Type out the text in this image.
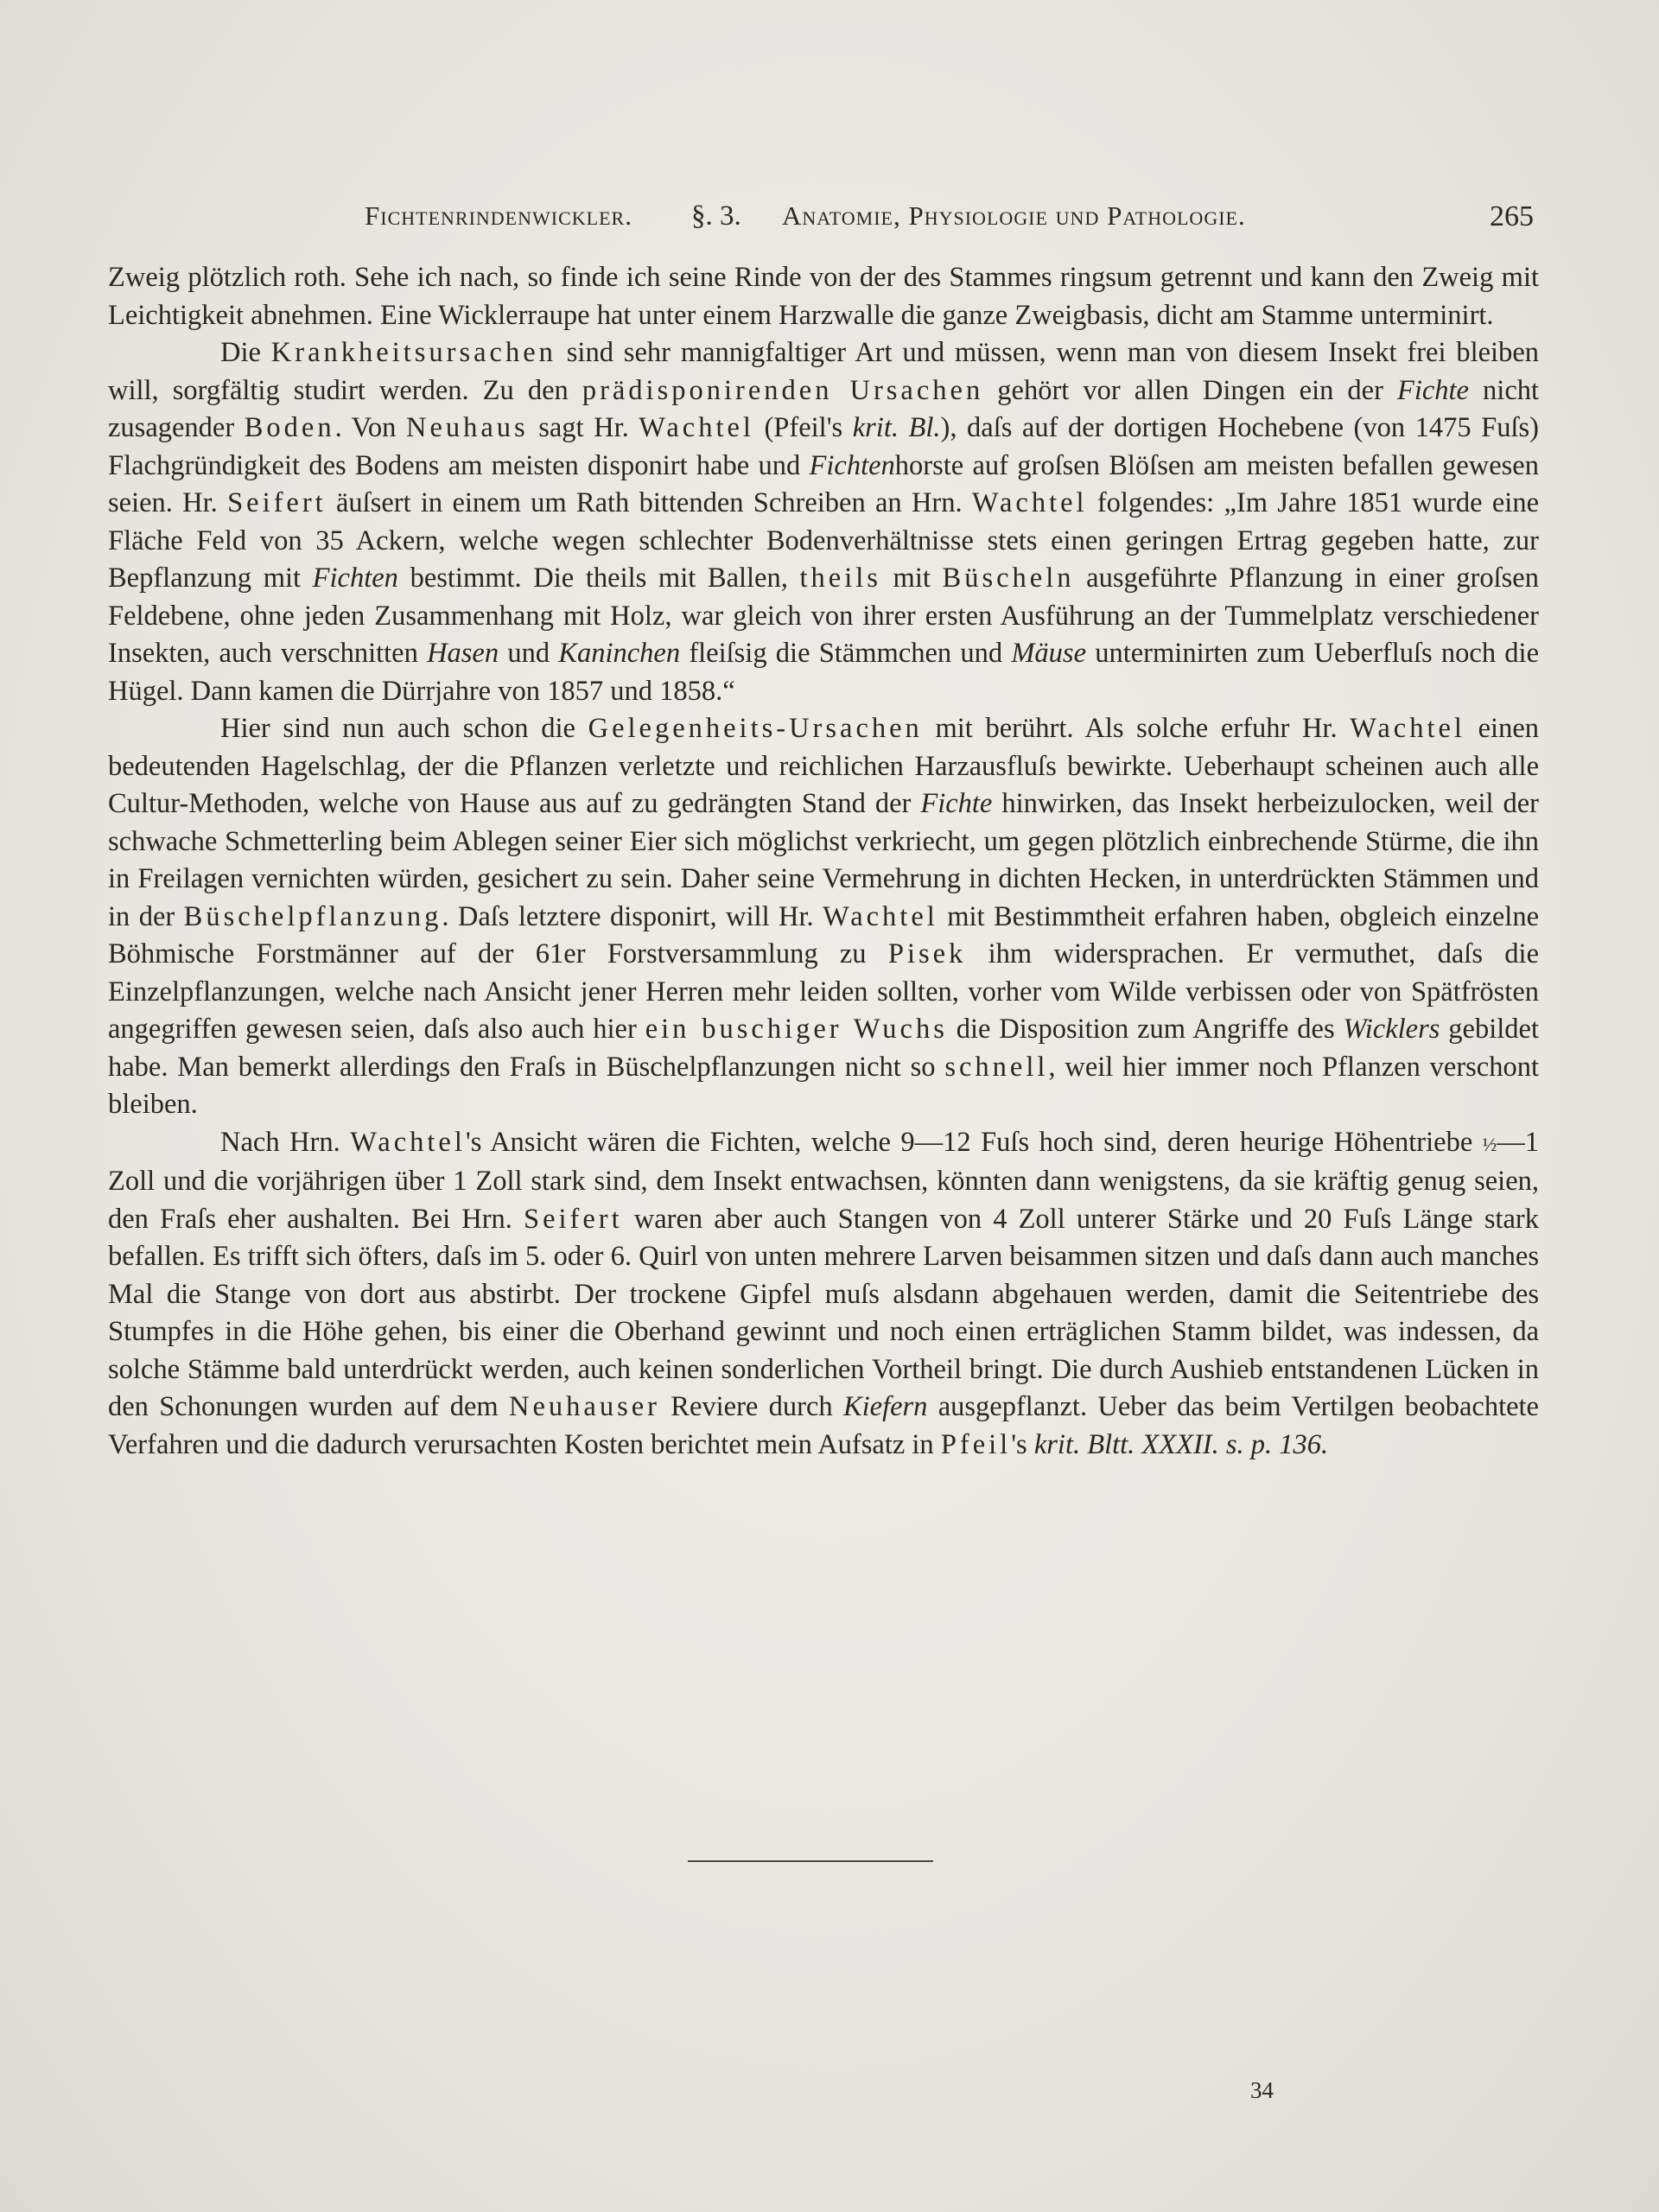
Fichtenrindenwickler. §. 3. Anatomie, Physiologie und Pathologie.	265

Zweig plötzlich roth. Sehe ich nach, so finde ich seine Rinde von der des Stammes ringsum getrennt und kann den Zweig mit Leichtigkeit abnehmen. Eine Wicklerraupe hat unter einem Harzwalle die ganze Zweigbasis, dicht am Stamme unterminirt.

Die Krankheitsursachen sind sehr mannigfaltiger Art und müssen, wenn man von diesem Insekt frei bleiben will, sorgfältig studirt werden. Zu den prädisponirenden Ursachen gehört vor allen Dingen ein der Fichte nicht zusagender Boden. Von Neuhaus sagt Hr. Wachtel (Pfeil's krit. Bl.), daſs auf der dortigen Hochebene (von 1475 Fuſs) Flachgründigkeit des Bodens am meisten disponirt habe und Fichtenhorste auf groſsen Blöſsen am meisten befallen gewesen seien. Hr. Seifert äuſsert in einem um Rath bittenden Schreiben an Hrn. Wachtel folgendes: „Im Jahre 1851 wurde eine Fläche Feld von 35 Ackern, welche wegen schlechter Bodenverhältnisse stets einen geringen Ertrag gegeben hatte, zur Bepflanzung mit Fichten bestimmt. Die theils mit Ballen, theils mit Büscheln ausgeführte Pflanzung in einer groſsen Feldebene, ohne jeden Zusammenhang mit Holz, war gleich von ihrer ersten Ausführung an der Tummelplatz verschiedener Insekten, auch verschnitten Hasen und Kaninchen fleiſsig die Stämmchen und Mäuse unterminirten zum Ueberfluſs noch die Hügel. Dann kamen die Dürrjahre von 1857 und 1858.“

Hier sind nun auch schon die Gelegenheits-Ursachen mit berührt. Als solche erfuhr Hr. Wachtel einen bedeutenden Hagelschlag, der die Pflanzen verletzte und reichlichen Harzausfluſs bewirkte. Ueberhaupt scheinen auch alle Cultur-Methoden, welche von Hause aus auf zu gedrängten Stand der Fichte hinwirken, das Insekt herbeizulocken, weil der schwache Schmetterling beim Ablegen seiner Eier sich möglichst verkriecht, um gegen plötzlich einbrechende Stürme, die ihn in Freilagen vernichten würden, gesichert zu sein. Daher seine Vermehrung in dichten Hecken, in unterdrückten Stämmen und in der Büschelpflanzung. Daſs letztere disponirt, will Hr. Wachtel mit Bestimmtheit erfahren haben, obgleich einzelne Böhmische Forstmänner auf der 61er Forstversammlung zu Pisek ihm widersprachen. Er vermuthet, daſs die Einzelpflanzungen, welche nach Ansicht jener Herren mehr leiden sollten, vorher vom Wilde verbissen oder von Spätfrösten angegriffen gewesen seien, daſs also auch hier ein buschiger Wuchs die Disposition zum Angriffe des Wicklers gebildet habe. Man bemerkt allerdings den Fraſs in Büschelpflanzungen nicht so schnell, weil hier immer noch Pflanzen verschont bleiben.

Nach Hrn. Wachtel's Ansicht wären die Fichten, welche 9—12 Fuſs hoch sind, deren heurige Höhentriebe ½—1 Zoll und die vorjährigen über 1 Zoll stark sind, dem Insekt entwachsen, könnten dann wenigstens, da sie kräftig genug seien, den Fraſs eher aushalten. Bei Hrn. Seifert waren aber auch Stangen von 4 Zoll unterer Stärke und 20 Fuſs Länge stark befallen. Es trifft sich öfters, daſs im 5. oder 6. Quirl von unten mehrere Larven beisammen sitzen und daſs dann auch manches Mal die Stange von dort aus abstirbt. Der trockene Gipfel muſs alsdann abgehauen werden, damit die Seitentriebe des Stumpfes in die Höhe gehen, bis einer die Oberhand gewinnt und noch einen erträglichen Stamm bildet, was indessen, da solche Stämme bald unterdrückt werden, auch keinen sonderlichen Vortheil bringt. Die durch Aushieb entstandenen Lücken in den Schonungen wurden auf dem Neuhauser Reviere durch Kiefern ausgepflanzt. Ueber das beim Vertilgen beobachtete Verfahren und die dadurch verursachten Kosten berichtet mein Aufsatz in Pfeil's krit. Bltt. XXXII. s. p. 136.

34
